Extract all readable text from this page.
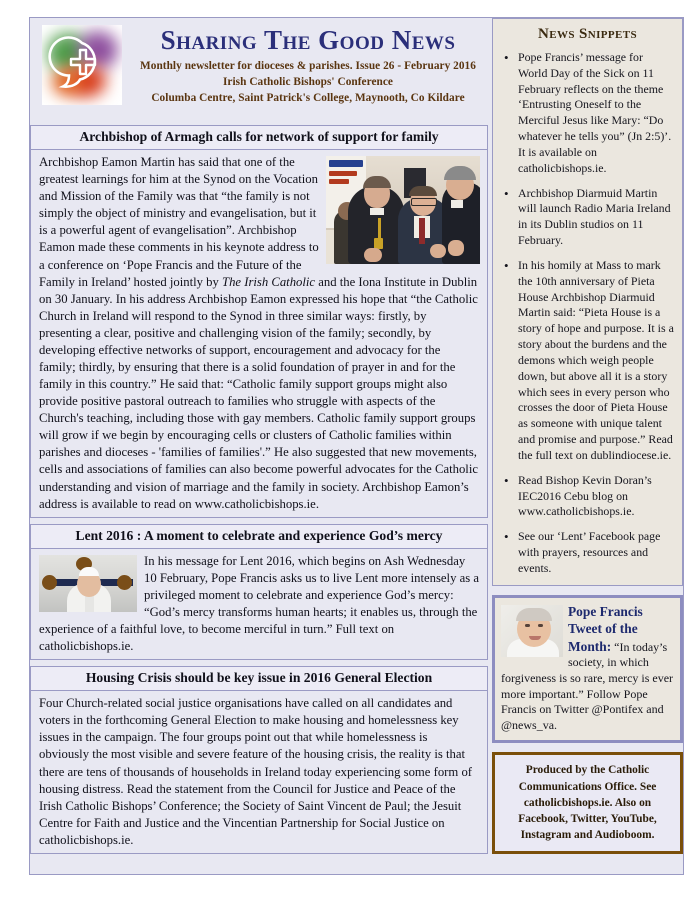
Sharing The Good News
Monthly newsletter for dioceses & parishes. Issue 26 - February 2016
Irish Catholic Bishops' Conference
Columba Centre, Saint Patrick's College, Maynooth, Co Kildare
Archbishop of Armagh calls for network of support for family

Archbishop Eamon Martin has said that one of the greatest learnings for him at the Synod on the Vocation and Mission of the Family was that “the family is not simply the object of ministry and evangelisation, but it is a powerful agent of evangelisation”. Archbishop Eamon made these comments in his keynote address to a conference on ‘Pope Francis and the Future of the Family in Ireland’ hosted jointly by The Irish Catholic and the Iona Institute in Dublin on 30 January. In his address Archbishop Eamon expressed his hope that “the Catholic Church in Ireland will respond to the Synod in three similar ways: firstly, by presenting a clear, positive and challenging vision of the family; secondly, by developing effective networks of support, encouragement and advocacy for the family; thirdly, by ensuring that there is a solid foundation of prayer in and for the family in this country.” He said that: “Catholic family support groups might also provide positive pastoral outreach to families who struggle with aspects of the Church's teaching, including those with gay members. Catholic family support groups will grow if we begin by encouraging cells or clusters of Catholic families within parishes and dioceses - 'families of families'.” He also suggested that new movements, cells and associations of families can also become powerful advocates for the Catholic understanding and vision of marriage and the family in society. Archbishop Eamon’s address is available to read on www.catholicbishops.ie.

Lent 2016 : A moment to celebrate and experience God’s mercy

In his message for Lent 2016, which begins on Ash Wednesday 10 February, Pope Francis asks us to live Lent more intensely as a privileged moment to celebrate and experience God’s mercy: “God’s mercy transforms human hearts; it enables us, through the experience of a faithful love, to become merciful in turn.” Full text on catholicbishops.ie.

Housing Crisis should be key issue in 2016 General Election

Four Church-related social justice organisations have called on all candidates and voters in the forthcoming General Election to make housing and homelessness key issues in the campaign. The four groups point out that while homelessness is obviously the most visible and severe feature of the housing crisis, the reality is that there are tens of thousands of households in Ireland today experiencing some form of housing distress. Read the statement from the Council for Justice and Peace of the Irish Catholic Bishops’ Conference; the Society of Saint Vincent de Paul; the Jesuit Centre for Faith and Justice and the Vincentian Partnership for Social Justice on catholicbishops.ie.

News Snippets
• Pope Francis’ message for World Day of the Sick on 11 February reflects on the theme ‘Entrusting Oneself to the Merciful Jesus like Mary: “Do whatever he tells you” (Jn 2:5)’. It is available on catholicbishops.ie.
• Archbishop Diarmuid Martin will launch Radio Maria Ireland in its Dublin studios on 11 February.
• In his homily at Mass to mark the 10th anniversary of Pieta House Archbishop Diarmuid Martin said: “Pieta House is a story of hope and purpose. It is a story about the burdens and the demons which weigh people down, but above all it is a story which sees in every person who crosses the door of Pieta House as someone with unique talent and promise and purpose.” Read the full text on dublindiocese.ie.
• Read Bishop Kevin Doran’s IEC2016 Cebu blog on www.catholicbishops.ie.
• See our ‘Lent’ Facebook page with prayers, resources and events.
Pope Francis Tweet of the Month: “In today’s society, in which forgiveness is so rare, mercy is ever more important.” Follow Pope Francis on Twitter @Pontifex and @news_va.

Produced by the Catholic Communications Office. See catholicbishops.ie. Also on Facebook, Twitter, YouTube, Instagram and Audioboom.
